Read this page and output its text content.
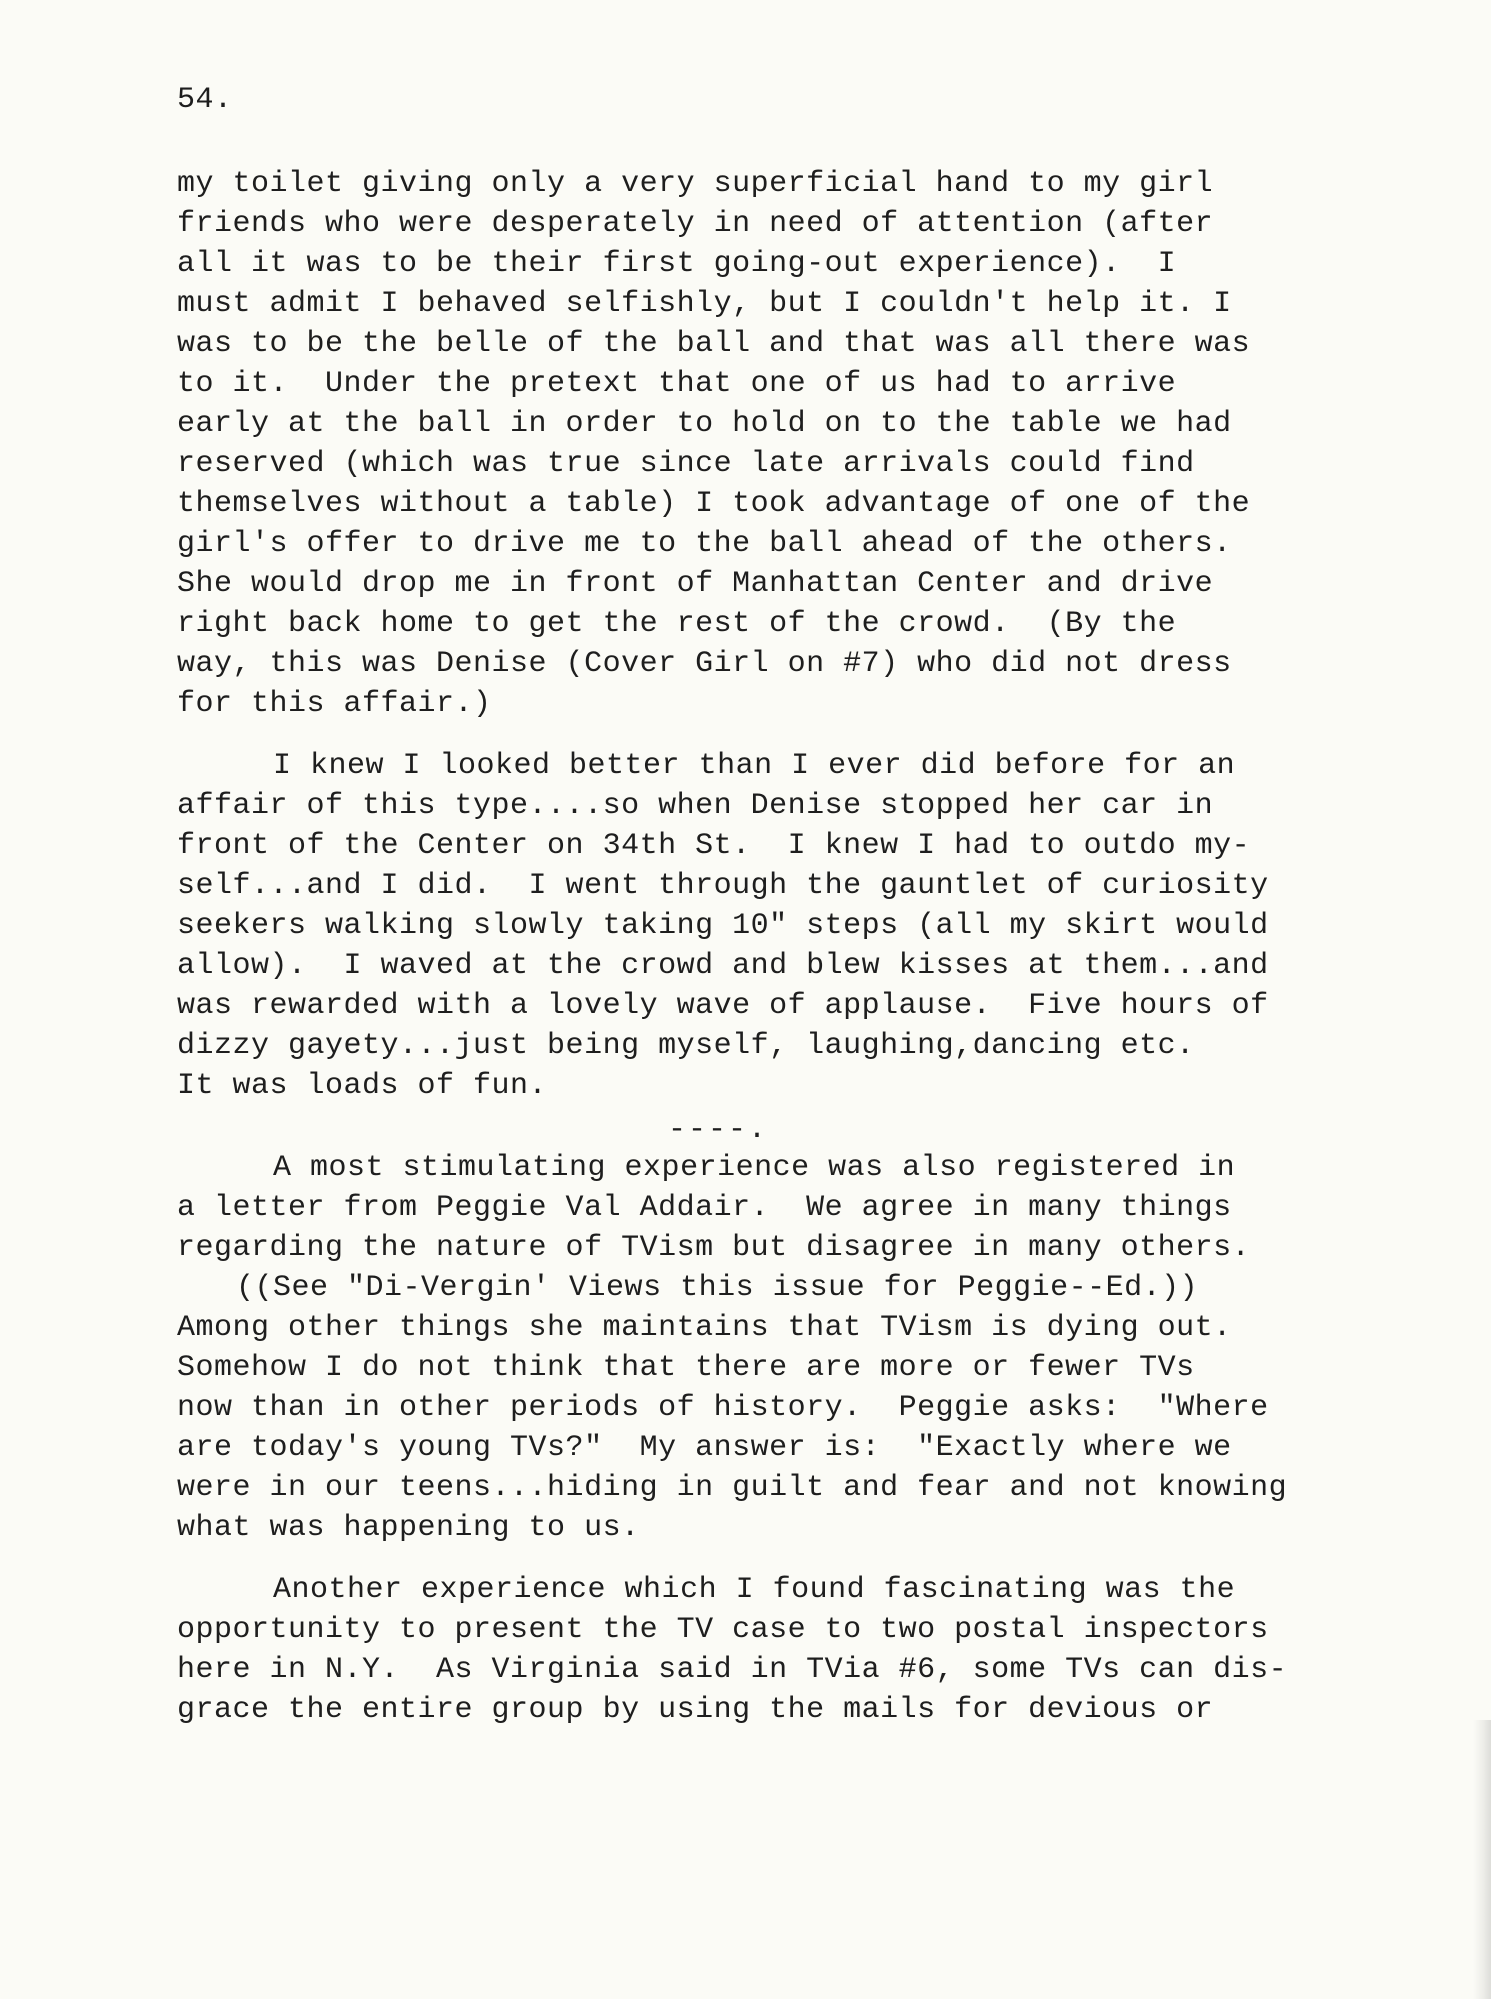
54.
my toilet giving only a very superficial hand to my girl
friends who were desperately in need of attention (after
all it was to be their first going-out experience).  I
must admit I behaved selfishly, but I couldn't help it. I
was to be the belle of the ball and that was all there was
to it.  Under the pretext that one of us had to arrive
early at the ball in order to hold on to the table we had
reserved (which was true since late arrivals could find
themselves without a table) I took advantage of one of the
girl's offer to drive me to the ball ahead of the others.
She would drop me in front of Manhattan Center and drive
right back home to get the rest of the crowd.  (By the
way, this was Denise (Cover Girl on #7) who did not dress
for this affair.)
I knew I looked better than I ever did before for an
affair of this type....so when Denise stopped her car in
front of the Center on 34th St.  I knew I had to outdo my-
self...and I did.  I went through the gauntlet of curiosity
seekers walking slowly taking 10" steps (all my skirt would
allow).  I waved at the crowd and blew kisses at them...and
was rewarded with a lovely wave of applause.  Five hours of
dizzy gayety...just being myself, laughing,dancing etc.
It was loads of fun.
----.
A most stimulating experience was also registered in
a letter from Peggie Val Addair.  We agree in many things
regarding the nature of TVism but disagree in many others.
((See "Di-Vergin' Views this issue for Peggie--Ed.))
Among other things she maintains that TVism is dying out.
Somehow I do not think that there are more or fewer TVs
now than in other periods of history.  Peggie asks:  "Where
are today's young TVs?"  My answer is:  "Exactly where we
were in our teens...hiding in guilt and fear and not knowing
what was happening to us.
Another experience which I found fascinating was the
opportunity to present the TV case to two postal inspectors
here in N.Y.  As Virginia said in TVia #6, some TVs can dis-
grace the entire group by using the mails for devious or
